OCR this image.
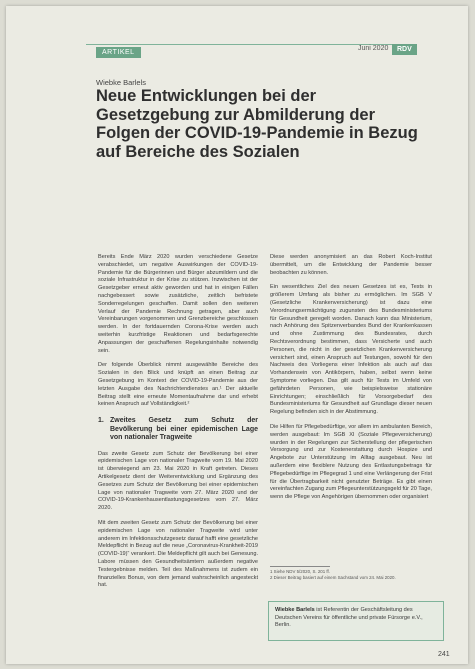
ARTIKEL
Juni 2020	RDV
Wiebke Barlels
Neue Entwicklungen bei der Gesetzgebung zur Abmilderung der Folgen der COVID-19-Pandemie in Bezug auf Bereiche des Sozialen

Bereits Ende März 2020 wurden verschiedene Gesetze verabschiedet, um negative Auswirkungen der COVID-19-Pandemie für die Bürgerinnen und Bürger abzumildern und die soziale Infrastruktur in der Krise zu stützen. Inzwischen ist der Gesetzgeber erneut aktiv geworden und hat in einigen Fällen nachgebessert sowie zusätzliche, zeitlich befristete Sonderregelungen geschaffen. Damit sollen den weiteren Verlauf der Pandemie Rechnung getragen, aber auch Vereinbarungen vorgenommen und Grenzbereiche geschlossen werden. In der fortdauernden Corona-Krise werden auch weiterhin kurzfristige Reaktionen und bedarfsgerechte Anpassungen der geschaffenen Regelungsinhalte notwendig sein.

Der folgende Überblick nimmt ausgewählte Bereiche des Sozialen in den Blick und knüpft an einen Beitrag zur Gesetzgebung im Kontext der COVID-19-Pandemie aus der letzten Ausgabe des Nachrichtendienstes an.¹ Der aktuelle Beitrag stellt eine erneute Momentaufnahme dar und erhebt keinen Anspruch auf Vollständigkeit.²

1. Zweites Gesetz zum Schutz der Bevölkerung bei einer epidemischen Lage von nationaler Tragweite

Das zweite Gesetz zum Schutz der Bevölkerung bei einer epidemischen Lage von nationaler Tragweite vom 19. Mai 2020 ist überwiegend am 23. Mai 2020 in Kraft getreten. Dieses Artikelgesetz dient der Weiterentwicklung und Ergänzung des Gesetzes zum Schutz der Bevölkerung bei einer epidemischen Lage von nationaler Tragweite vom 27. März 2020 und der COVID-19-Krankenhausentlastungsgesetzes vom 27. März 2020.

Mit dem zweiten Gesetz zum Schutz der Bevölkerung bei einer epidemischen Lage von nationaler Tragweite wird unter anderem im Infektionsschutzgesetz darauf hafft eine gesetzliche Meldepflicht in Bezug auf die neue „Coronavirus-Krankheit-2019 (COVID-19)“ verankert. Die Meldepflicht gilt auch bei Genesung. Labore müssen den Gesundheitsämtern außerdem negative Testergebnisse melden. Teil des Maßnahmens ist zudem ein finanzielles Bonus, von dem jemand wahrscheinlich angesteckt hat.

Diese werden anonymisiert an das Robert Koch-Institut übermittelt, um die Entwicklung der Pandemie besser beobachten zu können.

Ein wesentliches Ziel des neuen Gesetzes ist es, Tests in größerem Umfang als bisher zu ermöglichen. Im SGB V (Gesetzliche Krankenversicherung) ist dazu eine Verordnungsermächtigung zugunsten des Bundesministeriums für Gesundheit geregelt worden. Danach kann das Ministerium, nach Anhörung des Spitzenverbandes Bund der Krankenkassen und ohne Zustimmung des Bundesrates, durch Rechtsverordnung bestimmen, dass Versicherte und auch Personen, die nicht in der gesetzlichen Krankenversicherung versichert sind, einen Anspruch auf Testungen, sowohl für den Nachweis des Vorliegens einer Infektion als auch auf das Vorhandensein von Antikörpern, haben, selbst wenn keine Symptome vorliegen. Das gilt auch für Tests im Umfeld von gefährdeten Personen, wie beispielsweise stationäre Einrichtungen; einschließlich für Vorsorgebedarf des Bundesministeriums für Gesundheit auf Grundlage dieser neuen Regelung befinden sich in der Abstimmung.

Die Hilfen für Pflegebedürftige, vor allem im ambulanten Bereich, werden ausgebaut: Im SGB XI (Soziale Pflegeversicherung) wurden in der Regelungen zur Sicherstellung der pflegerischen Versorgung und zur Kostenerstattung durch Hospize und Angebote zur Unterstützung im Alltag ausgebaut. Neu ist außerdem eine flexiblere Nutzung des Entlastungsbetrags für Pflegebedürftige im Pflegegrad 1 und eine Verlängerung der Frist für die Übertragbarkeit nicht genutzter Beträge. Es gibt einen vereinfachten Zugang zum Pflegeunterstützungsgeld für 20 Tage, wenn die Pflege von Angehörigen übernommen oder organisiert

1 Siehe NDV 5/2020, S. 201 ff.
2 Dieser Beitrag basiert auf einem Sachstand vom 24. Mai 2020.
Wiebke Barlels ist Referentin der Geschäftsleitung des Deutschen Vereins für öffentliche und private Fürsorge e.V., Berlin.
241
